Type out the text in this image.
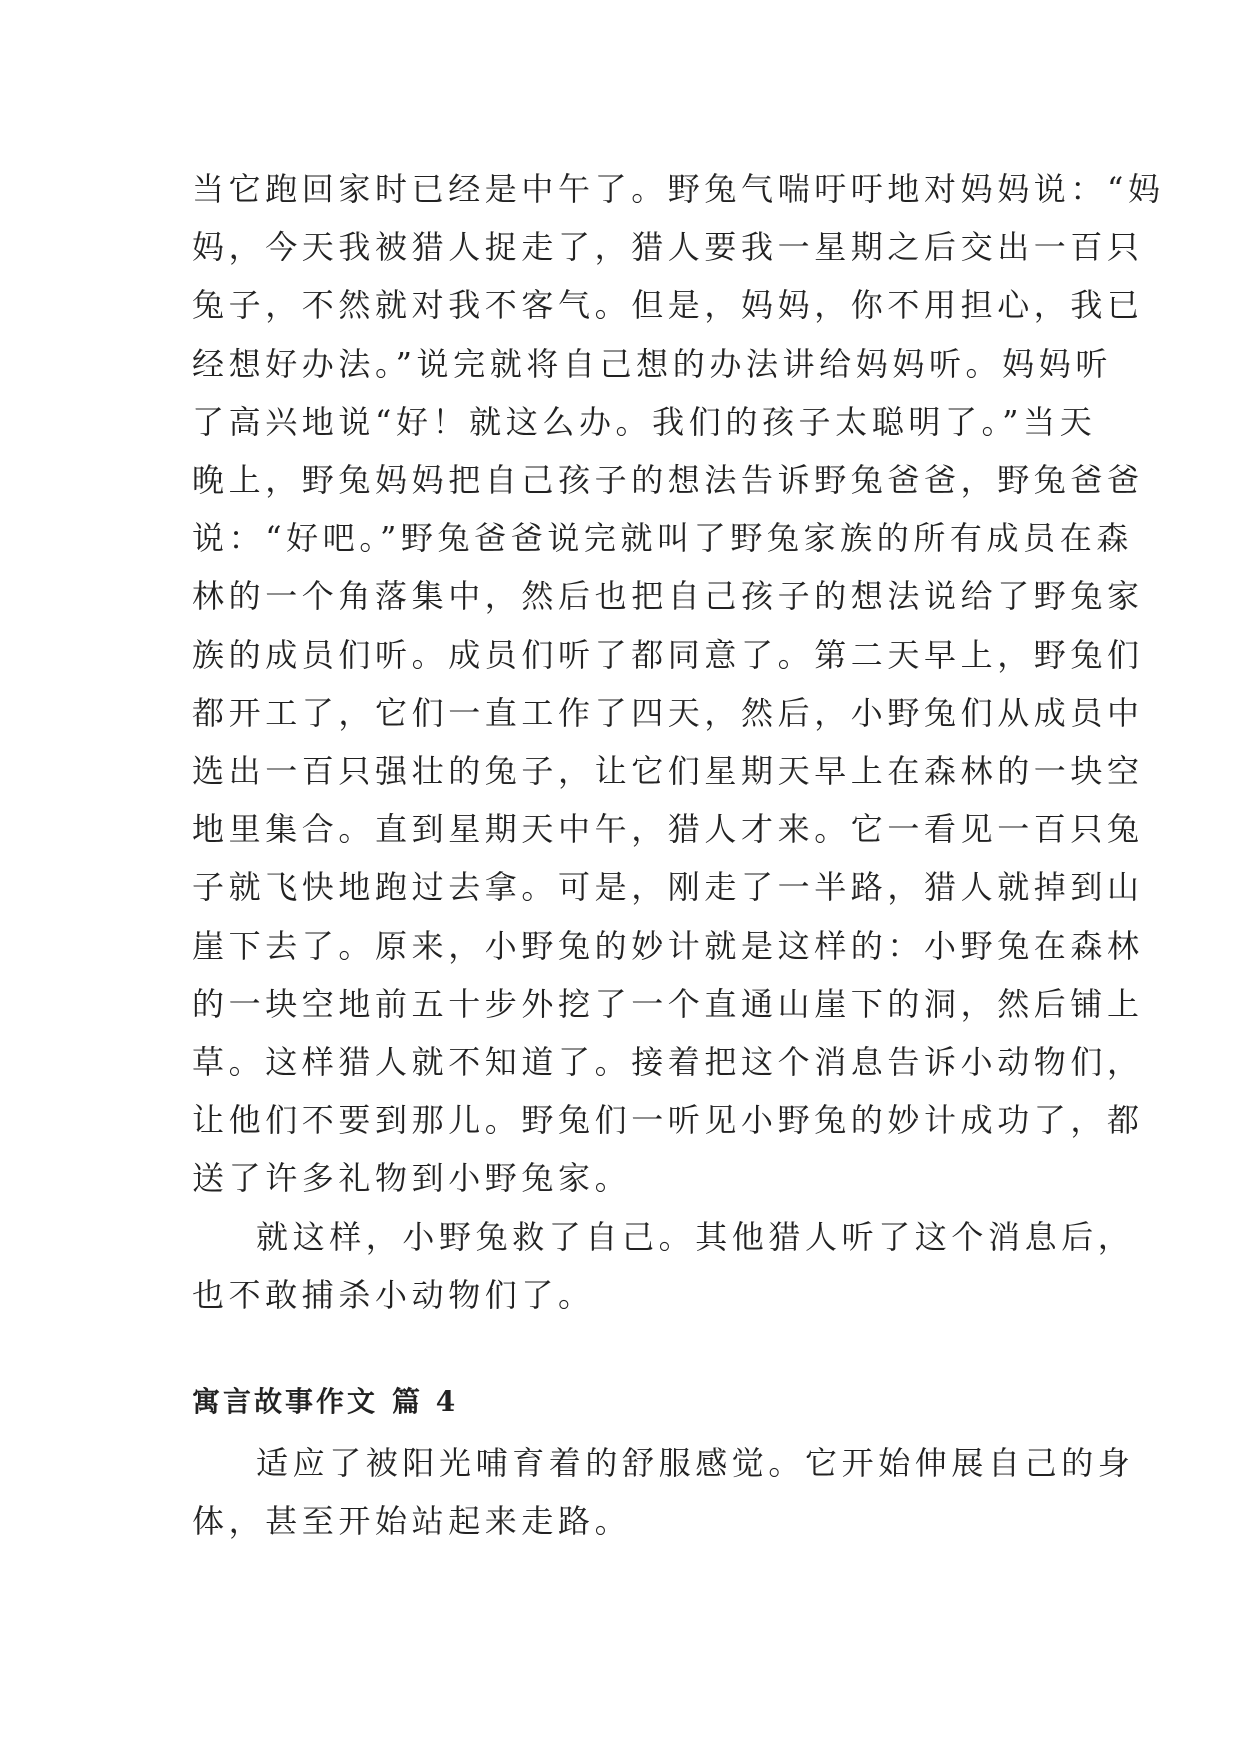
当它跑回家时已经是中午了。野兔气喘吁吁地对妈妈说：“妈
妈，今天我被猎人捉走了，猎人要我一星期之后交出一百只
兔子，不然就对我不客气。但是，妈妈，你不用担心，我已
经想好办法。”说完就将自己想的办法讲给妈妈听。妈妈听
了高兴地说“好！就这么办。我们的孩子太聪明了。”当天
晚上，野兔妈妈把自己孩子的想法告诉野兔爸爸，野兔爸爸
说：“好吧。”野兔爸爸说完就叫了野兔家族的所有成员在森
林的一个角落集中，然后也把自己孩子的想法说给了野兔家
族的成员们听。成员们听了都同意了。第二天早上，野兔们
都开工了，它们一直工作了四天，然后，小野兔们从成员中
选出一百只强壮的兔子，让它们星期天早上在森林的一块空
地里集合。直到星期天中午，猎人才来。它一看见一百只兔
子就飞快地跑过去拿。可是，刚走了一半路，猎人就掉到山
崖下去了。原来，小野兔的妙计就是这样的：小野兔在森林
的一块空地前五十步外挖了一个直通山崖下的洞，然后铺上
草。这样猎人就不知道了。接着把这个消息告诉小动物们，
让他们不要到那儿。野兔们一听见小野兔的妙计成功了，都
送了许多礼物到小野兔家。

就这样，小野兔救了自己。其他猎人听了这个消息后，
也不敢捕杀小动物们了。

寓言故事作文 篇 4

适应了被阳光哺育着的舒服感觉。它开始伸展自己的身
体，甚至开始站起来走路。
